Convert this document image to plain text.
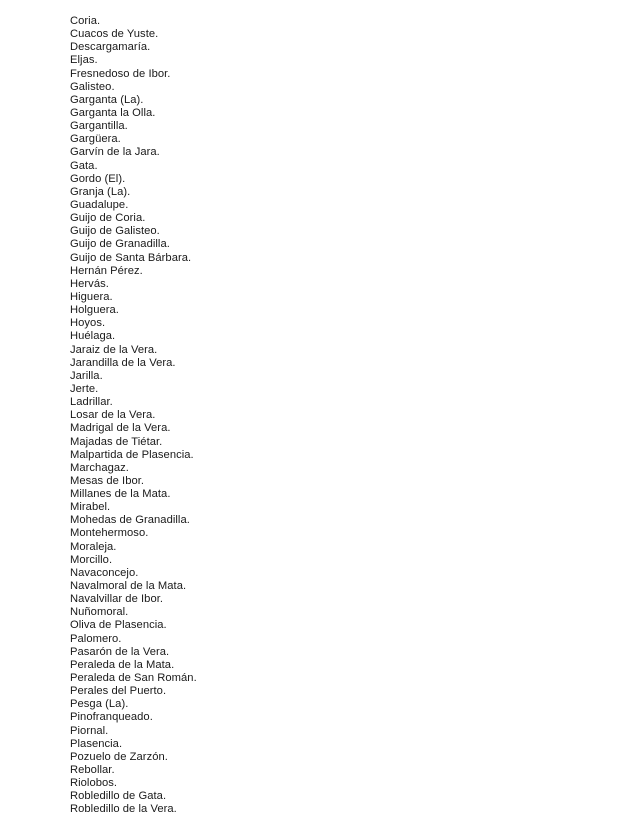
Coria.
Cuacos de Yuste.
Descargamaría.
Eljas.
Fresnedoso de Ibor.
Galisteo.
Garganta (La).
Garganta la Olla.
Gargantilla.
Gargüera.
Garvín de la Jara.
Gata.
Gordo (El).
Granja (La).
Guadalupe.
Guijo de Coria.
Guijo de Galisteo.
Guijo de Granadilla.
Guijo de Santa Bárbara.
Hernán Pérez.
Hervás.
Higuera.
Holguera.
Hoyos.
Huélaga.
Jaraiz de la Vera.
Jarandilla de la Vera.
Jarilla.
Jerte.
Ladrillar.
Losar de la Vera.
Madrigal de la Vera.
Majadas de Tiétar.
Malpartida de Plasencia.
Marchagaz.
Mesas de Ibor.
Millanes de la Mata.
Mirabel.
Mohedas de Granadilla.
Montehermoso.
Moraleja.
Morcillo.
Navaconcejo.
Navalmoral de la Mata.
Navalvillar de Ibor.
Nuñomoral.
Oliva de Plasencia.
Palomero.
Pasarón de la Vera.
Peraleda de la Mata.
Peraleda de San Román.
Perales del Puerto.
Pesga (La).
Pinofranqueado.
Piornal.
Plasencia.
Pozuelo de Zarzón.
Rebollar.
Riolobos.
Robledillo de Gata.
Robledillo de la Vera.
